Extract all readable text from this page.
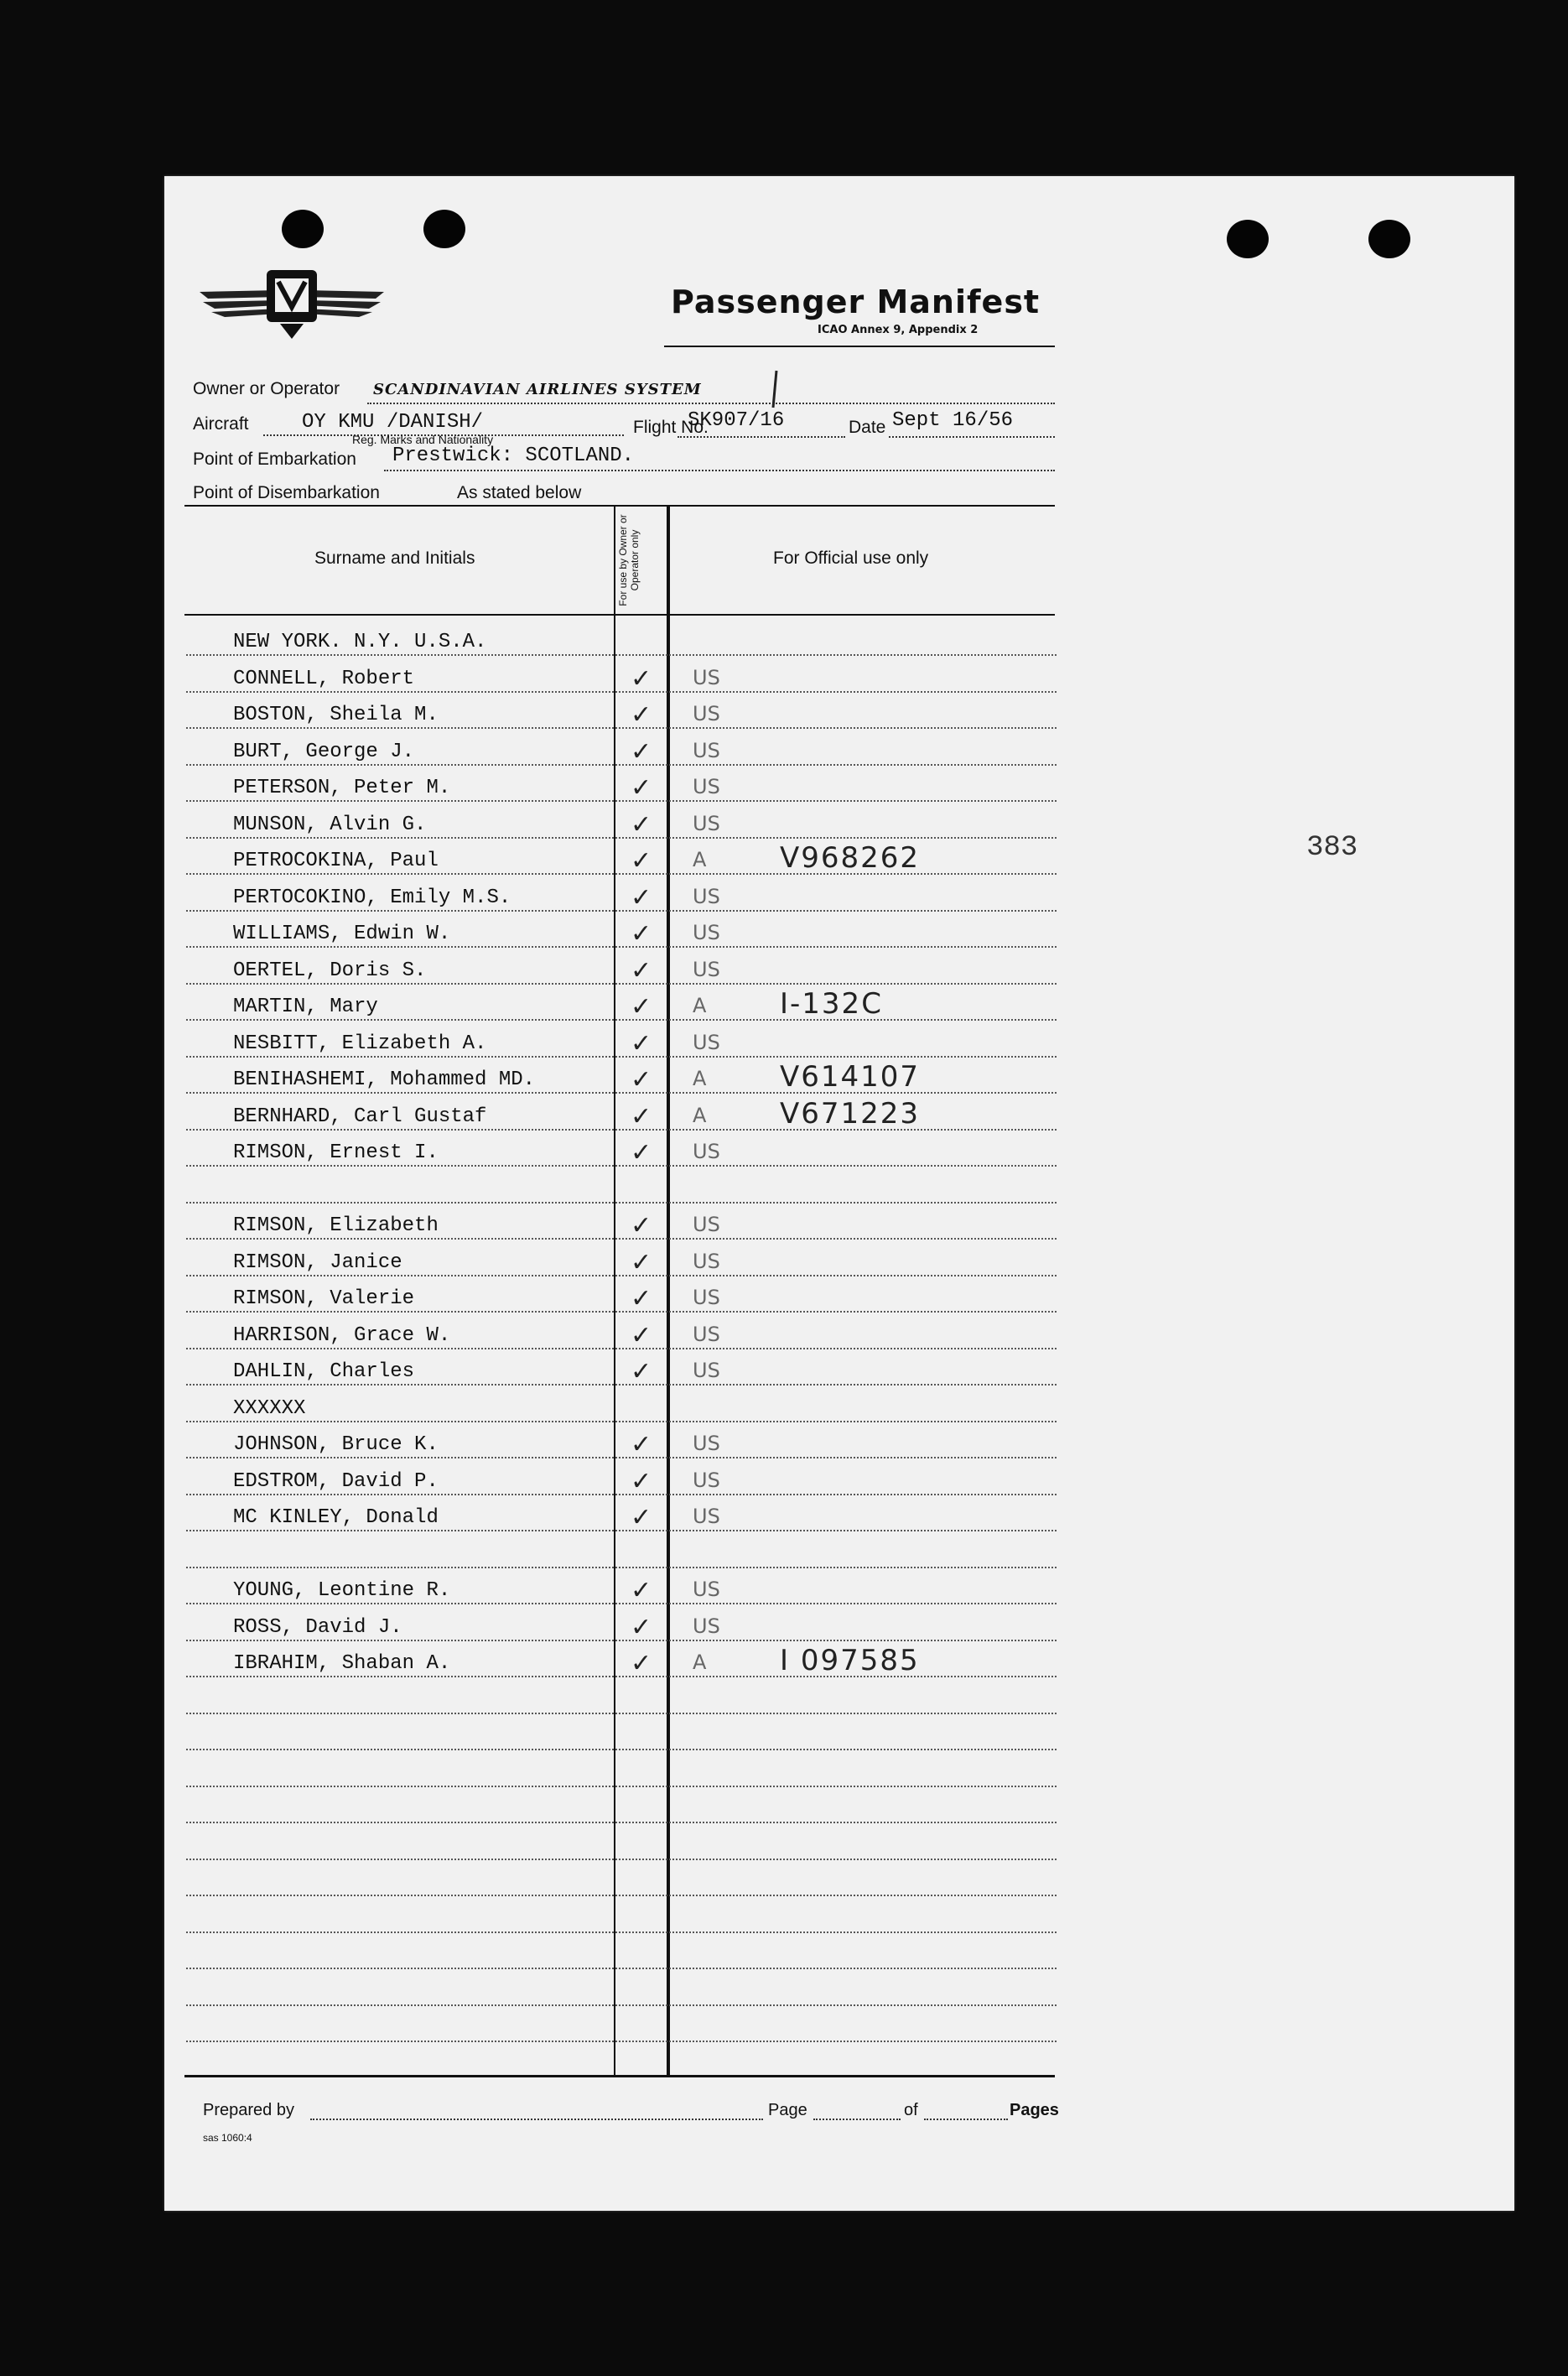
Passenger Manifest
ICAO Annex 9, Appendix 2
Owner or Operator SCANDINAVIAN AIRLINES SYSTEM
Aircraft	OY KMU /DANISH/
Reg. Marks and Nationality
Flight No.
SK907/16	Date Sept 16/56
Point of Embarkation Prestwick: SCOTLAND.
Point of Disembarkation	As stated below
Surname and Initials	For use by Owner or Operator only	For Official use only
NEW YORK. N.Y. U.S.A.
CONNELL, Robert	✓ US
BOSTON, Sheila M.	✓ US
BURT, George J.	✓ US
PETERSON, Peter M.	✓ US
MUNSON, Alvin G.	✓ US
PETROCOKINA, Paul	✓ A	V968262
PERTOCOKINO, Emily M.S.	✓ US
WILLIAMS, Edwin W.	✓ US
OERTEL, Doris S.	✓ US
MARTIN, Mary	✓ A	I-132C
NESBITT, Elizabeth A.	✓ US
BENIHASHEMI, Mohammed MD.	✓ A	V614107
BERNHARD, Carl Gustaf	✓ A	V671223
RIMSON, Ernest I.	✓ US
RIMSON, Elizabeth	✓ US
RIMSON, Janice	✓ US
RIMSON, Valerie	✓ US
HARRISON, Grace W.	✓ US
DAHLIN, Charles	✓ US
XXXXXX
JOHNSON, Bruce K.	✓ US
EDSTROM, David P.	✓ US
MC KINLEY, Donald	✓ US
YOUNG, Leontine R.	✓ US
ROSS, David J.	✓ US
IBRAHIM, Shaban A.	✓ A	I 097585
383
Prepared by	Page	of	Pages
sas 1060:4
